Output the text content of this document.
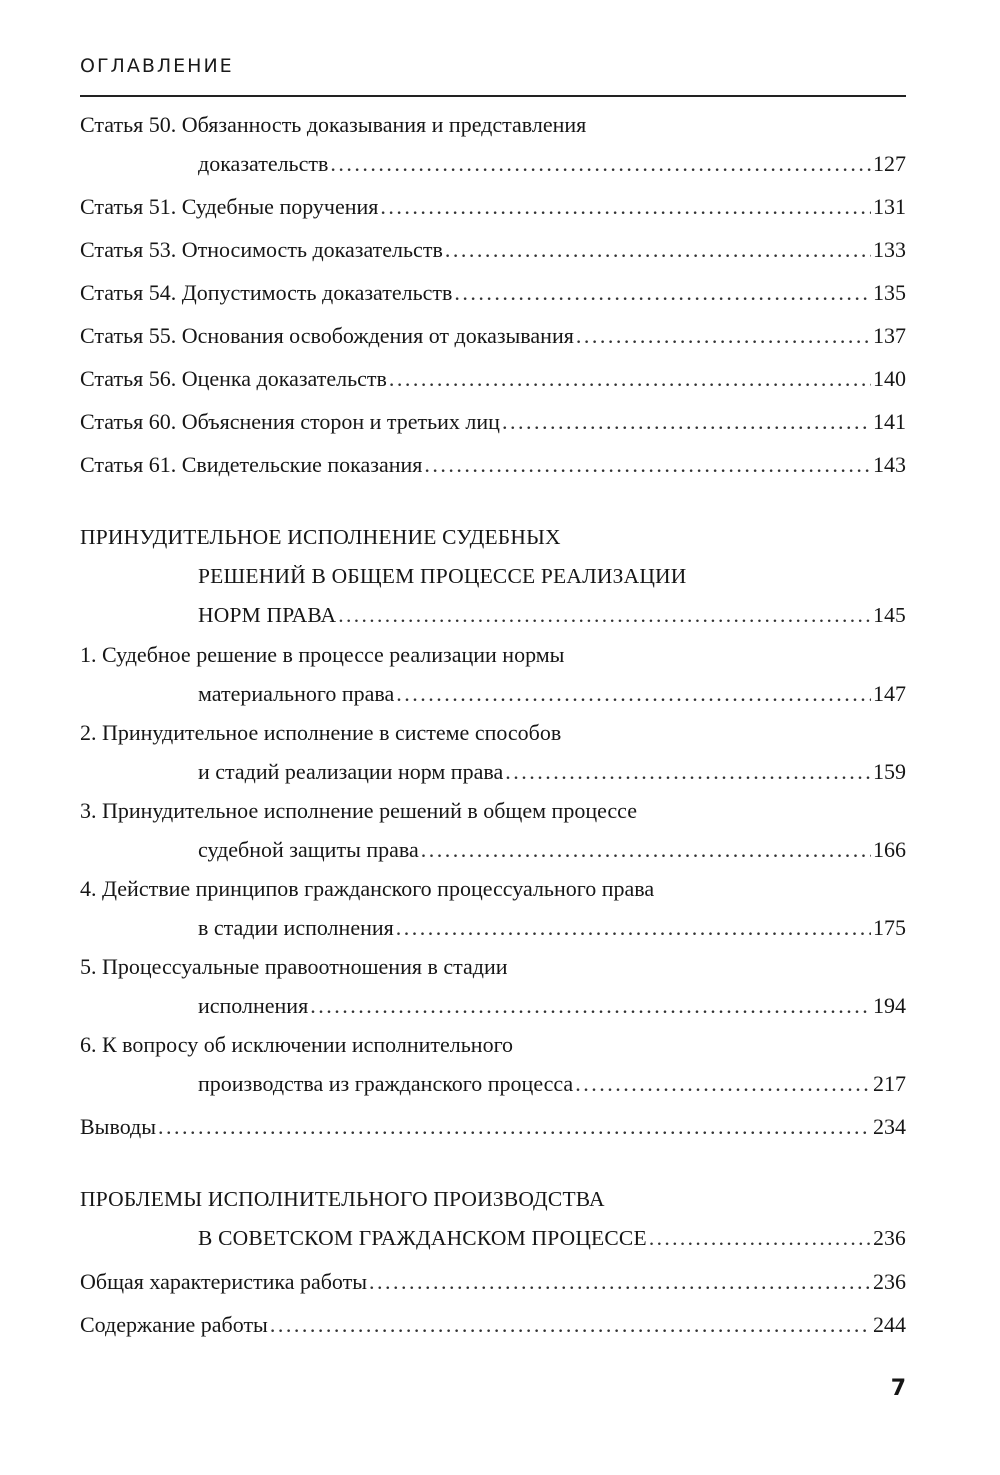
ОГЛАВЛЕНИЕ
Статья 50. Обязанность доказывания и представления
доказательств . . .	127
Статья 51. Судебные поручения . . .	131
Статья 53. Относимость доказательств . . .	133
Статья 54. Допустимость доказательств . . .	135
Статья 55. Основания освобождения от доказывания . . .	137
Статья 56. Оценка доказательств . . .	140
Статья 60. Объяснения сторон и третьих лиц . . .	141
Статья 61. Свидетельские показания . . .	143
ПРИНУДИТЕЛЬНОЕ ИСПОЛНЕНИЕ СУДЕБНЫХ
РЕШЕНИЙ В ОБЩЕМ ПРОЦЕССЕ РЕАЛИЗАЦИИ
НОРМ ПРАВА . . .	145
1. Судебное решение в процессе реализации нормы
материального права . . .	147
2. Принудительное исполнение в системе способов
и стадий реализации норм права . . .	159
3. Принудительное исполнение решений в общем процессе
судебной защиты права . . .	166
4. Действие принципов гражданского процессуального права
в стадии исполнения . . .	175
5. Процессуальные правоотношения в стадии
исполнения . . .	194
6. К вопросу об исключении исполнительного
производства из гражданского процесса . . .	217
Выводы . . .	234
ПРОБЛЕМЫ ИСПОЛНИТЕЛЬНОГО ПРОИЗВОДСТВА
В СОВЕТСКОМ ГРАЖДАНСКОМ ПРОЦЕССЕ . . .	236
Общая характеристика работы . . .	236
Содержание работы . . .	244
7
